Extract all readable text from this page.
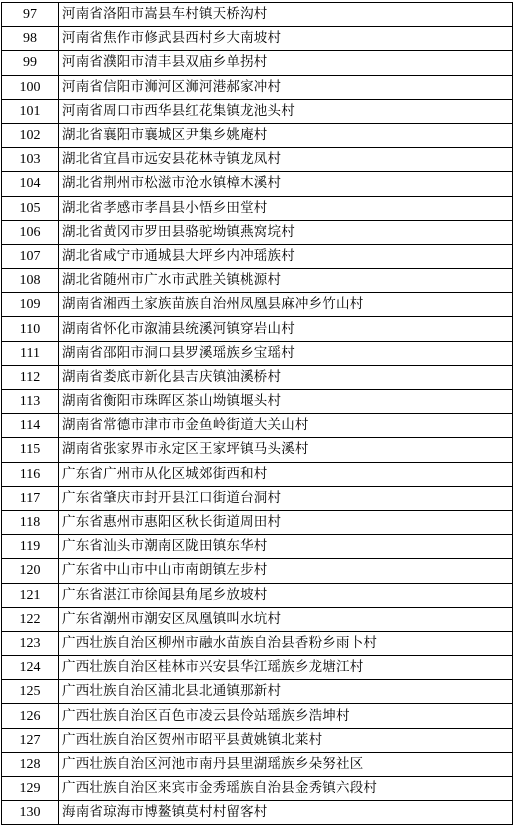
97	河南省洛阳市嵩县车村镇天桥沟村
98	河南省焦作市修武县西村乡大南坡村
99	河南省濮阳市清丰县双庙乡单拐村
100	河南省信阳市浉河区浉河港郝家冲村
101	河南省周口市西华县红花集镇龙池头村
102	湖北省襄阳市襄城区尹集乡姚庵村
103	湖北省宜昌市远安县花林寺镇龙凤村
104	湖北省荆州市松滋市沧水镇樟木溪村
105	湖北省孝感市孝昌县小悟乡田堂村
106	湖北省黄冈市罗田县骆驼坳镇燕窝垸村
107	湖北省咸宁市通城县大坪乡内冲瑶族村
108	湖北省随州市广水市武胜关镇桃源村
109	湖南省湘西土家族苗族自治州凤凰县麻冲乡竹山村
110	湖南省怀化市溆浦县统溪河镇穿岩山村
111	湖南省邵阳市洞口县罗溪瑶族乡宝瑶村
112	湖南省娄底市新化县吉庆镇油溪桥村
113	湖南省衡阳市珠晖区茶山坳镇堰头村
114	湖南省常德市津市市金鱼岭街道大关山村
115	湖南省张家界市永定区王家坪镇马头溪村
116	广东省广州市从化区城郊街西和村
117	广东省肇庆市封开县江口街道台洞村
118	广东省惠州市惠阳区秋长街道周田村
119	广东省汕头市潮南区陇田镇东华村
120	广东省中山市中山市南朗镇左步村
121	广东省湛江市徐闻县角尾乡放坡村
122	广东省潮州市潮安区凤凰镇叫水坑村
123	广西壮族自治区柳州市融水苗族自治县香粉乡雨卜村
124	广西壮族自治区桂林市兴安县华江瑶族乡龙塘江村
125	广西壮族自治区浦北县北通镇那新村
126	广西壮族自治区百色市凌云县伶站瑶族乡浩坤村
127	广西壮族自治区贺州市昭平县黄姚镇北莱村
128	广西壮族自治区河池市南丹县里湖瑶族乡朵努社区
129	广西壮族自治区来宾市金秀瑶族自治县金秀镇六段村
130	海南省琼海市博鳌镇莫村村留客村
